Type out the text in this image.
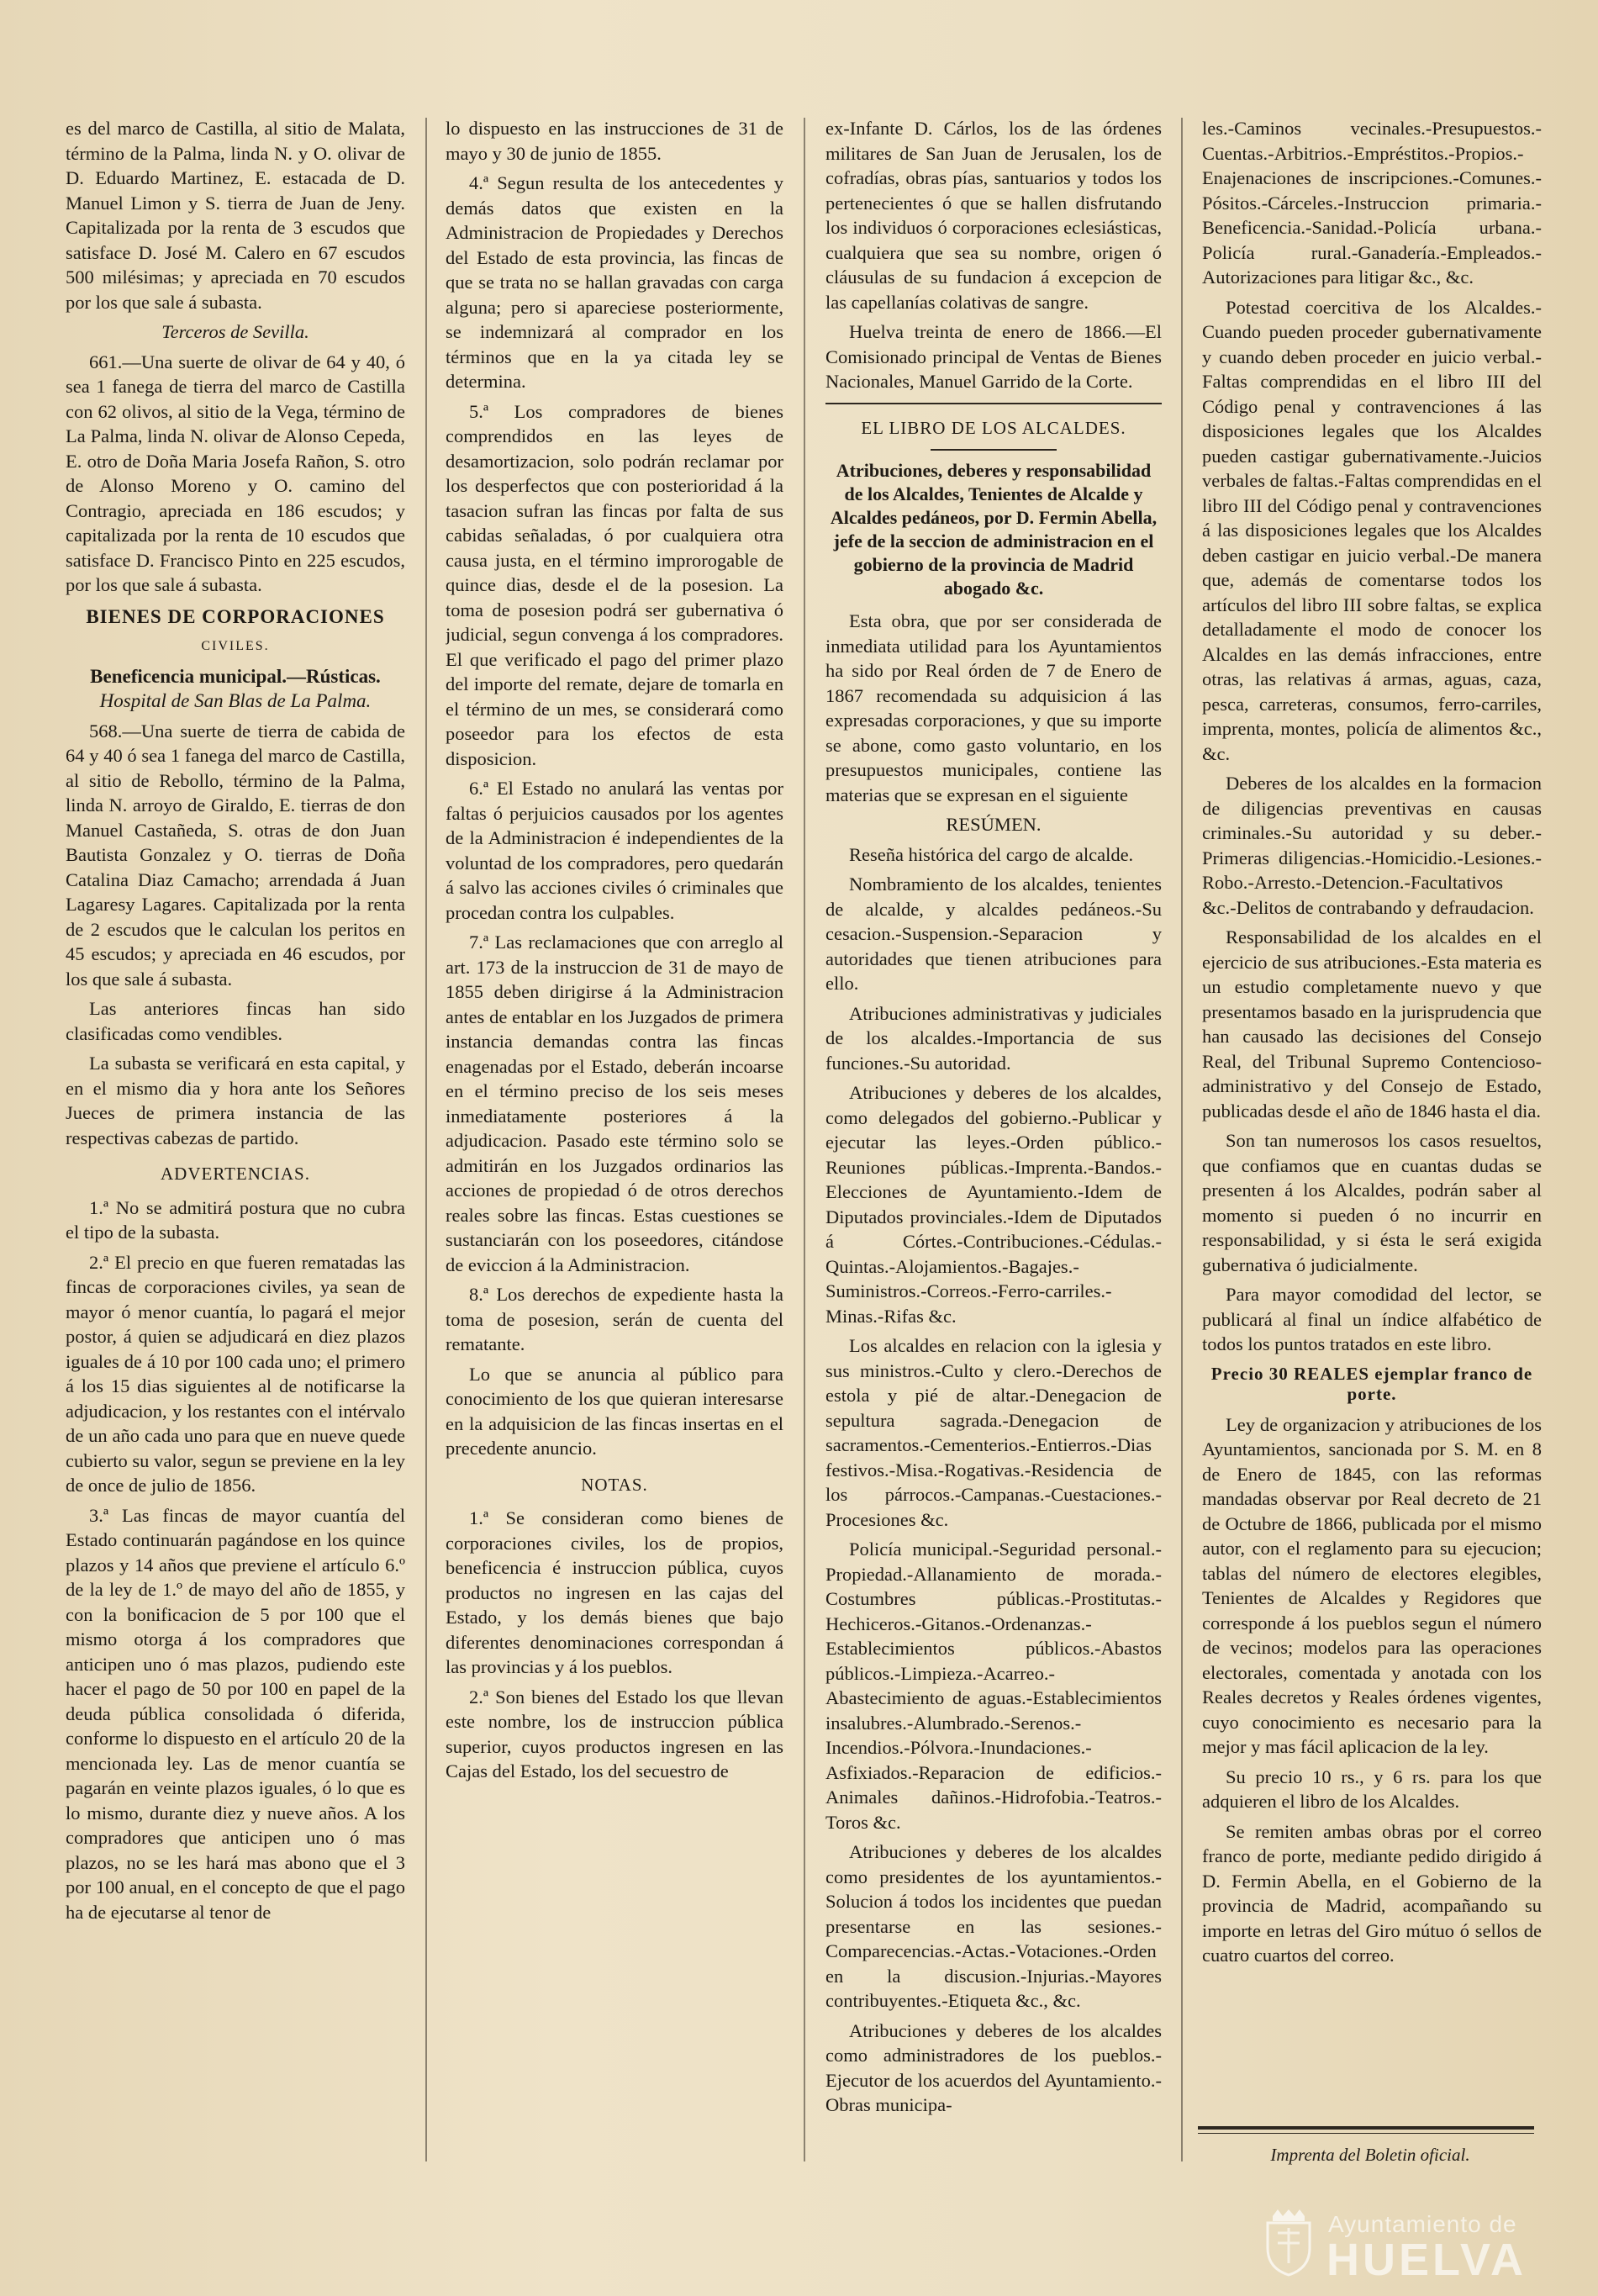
es del marco de Castilla, al sitio de Malata, término de la Palma, linda N. y O. olivar de D. Eduardo Martinez, E. estacada de D. Manuel Limon y S. tierra de Juan de Jeny. Capitalizada por la renta de 3 escudos que satisface D. José M. Calero en 67 escudos 500 milésimas; y apreciada en 70 escudos por los que sale á subasta.

Terceros de Sevilla.

661.—Una suerte de olivar de 64 y 40, ó sea 1 fanega de tierra del marco de Castilla con 62 olivos, al sitio de la Vega, término de La Palma, linda N. olivar de Alonso Cepeda, E. otro de Doña Maria Josefa Rañon, S. otro de Alonso Moreno y O. camino del Contragio, apreciada en 186 escudos; y capitalizada por la renta de 10 escudos que satisface D. Francisco Pinto en 225 escudos, por los que sale á subasta.

BIENES DE CORPORACIONES
CIVILES.
Beneficencia municipal.—Rústicas.

Hospital de San Blas de La Palma.

568.—Una suerte de tierra de cabida de 64 y 40 ó sea 1 fanega del marco de Castilla, al sitio de Rebollo, término de la Palma, linda N. arroyo de Giraldo, E. tierras de don Manuel Castañeda, S. otras de don Juan Bautista Gonzalez y O. tierras de Doña Catalina Diaz Camacho; arrendada á Juan Lagaresy Lagares. Capitalizada por la renta de 2 escudos que le calculan los peritos en 45 escudos; y apreciada en 46 escudos, por los que sale á subasta.

Las anteriores fincas han sido clasificadas como vendibles.

La subasta se verificará en esta capital, y en el mismo dia y hora ante los Señores Jueces de primera instancia de las respectivas cabezas de partido.

ADVERTENCIAS.

1.ª No se admitirá postura que no cubra el tipo de la subasta.

2.ª El precio en que fueren rematadas las fincas de corporaciones civiles, ya sean de mayor ó menor cuantía, lo pagará el mejor postor, á quien se adjudicará en diez plazos iguales de á 10 por 100 cada uno; el primero á los 15 dias siguientes al de notificarse la adjudicacion, y los restantes con el intérvalo de un año cada uno para que en nueve quede cubierto su valor, segun se previene en la ley de once de julio de 1856.

3.ª Las fincas de mayor cuantía del Estado continuarán pagándose en los quince plazos y 14 años que previene el artículo 6.º de la ley de 1.º de mayo del año de 1855, y con la bonificacion de 5 por 100 que el mismo otorga á los compradores que anticipen uno ó mas plazos, pudiendo este hacer el pago de 50 por 100 en papel de la deuda pública consolidada ó diferida, conforme lo dispuesto en el artículo 20 de la mencionada ley. Las de menor cuantía se pagarán en veinte plazos iguales, ó lo que es lo mismo, durante diez y nueve años. A los compradores que anticipen uno ó mas plazos, no se les hará mas abono que el 3 por 100 anual, en el concepto de que el pago ha de ejecutarse al tenor de

lo dispuesto en las instrucciones de 31 de mayo y 30 de junio de 1855.

4.ª Segun resulta de los antecedentes y demás datos que existen en la Administracion de Propiedades y Derechos del Estado de esta provincia, las fincas de que se trata no se hallan gravadas con carga alguna; pero si apareciese posteriormente, se indemnizará al comprador en los términos que en la ya citada ley se determina.

5.ª Los compradores de bienes comprendidos en las leyes de desamortizacion, solo podrán reclamar por los desperfectos que con posterioridad á la tasacion sufran las fincas por falta de sus cabidas señaladas, ó por cualquiera otra causa justa, en el término improrogable de quince dias, desde el de la posesion. La toma de posesion podrá ser gubernativa ó judicial, segun convenga á los compradores. El que verificado el pago del primer plazo del importe del remate, dejare de tomarla en el término de un mes, se considerará como poseedor para los efectos de esta disposicion.

6.ª El Estado no anulará las ventas por faltas ó perjuicios causados por los agentes de la Administracion é independientes de la voluntad de los compradores, pero quedarán á salvo las acciones civiles ó criminales que procedan contra los culpables.

7.ª Las reclamaciones que con arreglo al art. 173 de la instruccion de 31 de mayo de 1855 deben dirigirse á la Administracion antes de entablar en los Juzgados de primera instancia demandas contra las fincas enagenadas por el Estado, deberán incoarse en el término preciso de los seis meses inmediatamente posteriores á la adjudicacion. Pasado este término solo se admitirán en los Juzgados ordinarios las acciones de propiedad ó de otros derechos reales sobre las fincas. Estas cuestiones se sustanciarán con los poseedores, citándose de eviccion á la Administracion.

8.ª Los derechos de expediente hasta la toma de posesion, serán de cuenta del rematante.

Lo que se anuncia al público para conocimiento de los que quieran interesarse en la adquisicion de las fincas insertas en el precedente anuncio.

NOTAS.

1.ª Se consideran como bienes de corporaciones civiles, los de propios, beneficencia é instruccion pública, cuyos productos no ingresen en las cajas del Estado, y los demás bienes que bajo diferentes denominaciones correspondan á las provincias y á los pueblos.

2.ª Son bienes del Estado los que llevan este nombre, los de instruccion pública superior, cuyos productos ingresen en las Cajas del Estado, los del secuestro de

ex-Infante D. Cárlos, los de las órdenes militares de San Juan de Jerusalen, los de cofradías, obras pías, santuarios y todos los pertenecientes ó que se hallen disfrutando los individuos ó corporaciones eclesiásticas, cualquiera que sea su nombre, origen ó cláusulas de su fundacion á excepcion de las capellanías colativas de sangre.

Huelva treinta de enero de 1866.—El Comisionado principal de Ventas de Bienes Nacionales, Manuel Garrido de la Corte.

EL LIBRO DE LOS ALCALDES.
Atribuciones, deberes y responsabilidad de los Alcaldes, Tenientes de Alcalde y Alcaldes pedáneos, por D. Fermin Abella, jefe de la seccion de administracion en el gobierno de la provincia de Madrid abogado &c.

Esta obra, que por ser considerada de inmediata utilidad para los Ayuntamientos ha sido por Real órden de 7 de Enero de 1867 recomendada su adquisicion á las expresadas corporaciones, y que su importe se abone, como gasto voluntario, en los presupuestos municipales, contiene las materias que se expresan en el siguiente

RESÚMEN.

Reseña histórica del cargo de alcalde.

Nombramiento de los alcaldes, tenientes de alcalde, y alcaldes pedáneos.-Su cesacion.-Suspension.-Separacion y autoridades que tienen atribuciones para ello.

Atribuciones administrativas y judiciales de los alcaldes.-Importancia de sus funciones.-Su autoridad.

Atribuciones y deberes de los alcaldes, como delegados del gobierno.-Publicar y ejecutar las leyes.-Orden público.-Reuniones públicas.-Imprenta.-Bandos.-Elecciones de Ayuntamiento.-Idem de Diputados provinciales.-Idem de Diputados á Córtes.-Contribuciones.-Cédulas.-Quintas.-Alojamientos.-Bagajes.-Suministros.-Correos.-Ferro-carriles.-Minas.-Rifas &c.

Los alcaldes en relacion con la iglesia y sus ministros.-Culto y clero.-Derechos de estola y pié de altar.-Denegacion de sepultura sagrada.-Denegacion de sacramentos.-Cementerios.-Entierros.-Dias festivos.-Misa.-Rogativas.-Residencia de los párrocos.-Campanas.-Cuestaciones.-Procesiones &c.

Policía municipal.-Seguridad personal.-Propiedad.-Allanamiento de morada.-Costumbres públicas.-Prostitutas.-Hechiceros.-Gitanos.-Ordenanzas.-Establecimientos públicos.-Abastos públicos.-Limpieza.-Acarreo.-Abastecimiento de aguas.-Establecimientos insalubres.-Alumbrado.-Serenos.-Incendios.-Pólvora.-Inundaciones.-Asfixiados.-Reparacion de edificios.-Animales dañinos.-Hidrofobia.-Teatros.-Toros &c.

Atribuciones y deberes de los alcaldes como presidentes de los ayuntamientos.-Solucion á todos los incidentes que puedan presentarse en las sesiones.-Comparecencias.-Actas.-Votaciones.-Orden en la discusion.-Injurias.-Mayores contribuyentes.-Etiqueta &c., &c.

Atribuciones y deberes de los alcaldes como administradores de los pueblos.-Ejecutor de los acuerdos del Ayuntamiento.-Obras municipa-

les.-Caminos vecinales.-Presupuestos.-Cuentas.-Arbitrios.-Empréstitos.-Propios.-Enajenaciones de inscripciones.-Comunes.-Pósitos.-Cárceles.-Instruccion primaria.-Beneficencia.-Sanidad.-Policía urbana.-Policía rural.-Ganadería.-Empleados.-Autorizaciones para litigar &c., &c.

Potestad coercitiva de los Alcaldes.-Cuando pueden proceder gubernativamente y cuando deben proceder en juicio verbal.-Faltas comprendidas en el libro III del Código penal y contravenciones á las disposiciones legales que los Alcaldes pueden castigar gubernativamente.-Juicios verbales de faltas.-Faltas comprendidas en el libro III del Código penal y contravenciones á las disposiciones legales que los Alcaldes deben castigar en juicio verbal.-De manera que, además de comentarse todos los artículos del libro III sobre faltas, se explica detalladamente el modo de conocer los Alcaldes en las demás infracciones, entre otras, las relativas á armas, aguas, caza, pesca, carreteras, consumos, ferro-carriles, imprenta, montes, policía de alimentos &c., &c.

Deberes de los alcaldes en la formacion de diligencias preventivas en causas criminales.-Su autoridad y su deber.-Primeras diligencias.-Homicidio.-Lesiones.-Robo.-Arresto.-Detencion.-Facultativos &c.-Delitos de contrabando y defraudacion.

Responsabilidad de los alcaldes en el ejercicio de sus atribuciones.-Esta materia es un estudio completamente nuevo y que presentamos basado en la jurisprudencia que han causado las decisiones del Consejo Real, del Tribunal Supremo Contencioso-administrativo y del Consejo de Estado, publicadas desde el año de 1846 hasta el dia.

Son tan numerosos los casos resueltos, que confiamos que en cuantas dudas se presenten á los Alcaldes, podrán saber al momento si pueden ó no incurrir en responsabilidad, y si ésta le será exigida gubernativa ó judicialmente.

Para mayor comodidad del lector, se publicará al final un índice alfabético de todos los puntos tratados en este libro.

Precio 30 REALES ejemplar franco de porte.

Ley de organizacion y atribuciones de los Ayuntamientos, sancionada por S. M. en 8 de Enero de 1845, con las reformas mandadas observar por Real decreto de 21 de Octubre de 1866, publicada por el mismo autor, con el reglamento para su ejecucion; tablas del número de electores elegibles, Tenientes de Alcaldes y Regidores que corresponde á los pueblos segun el número de vecinos; modelos para las operaciones electorales, comentada y anotada con los Reales decretos y Reales órdenes vigentes, cuyo conocimiento es necesario para la mejor y mas fácil aplicacion de la ley.

Su precio 10 rs., y 6 rs. para los que adquieren el libro de los Alcaldes.

Se remiten ambas obras por el correo franco de porte, mediante pedido dirigido á D. Fermin Abella, en el Gobierno de la provincia de Madrid, acompañando su importe en letras del Giro mútuo ó sellos de cuatro cuartos del correo.

Imprenta del Boletin oficial.
Ayuntamiento de
HUELVA
